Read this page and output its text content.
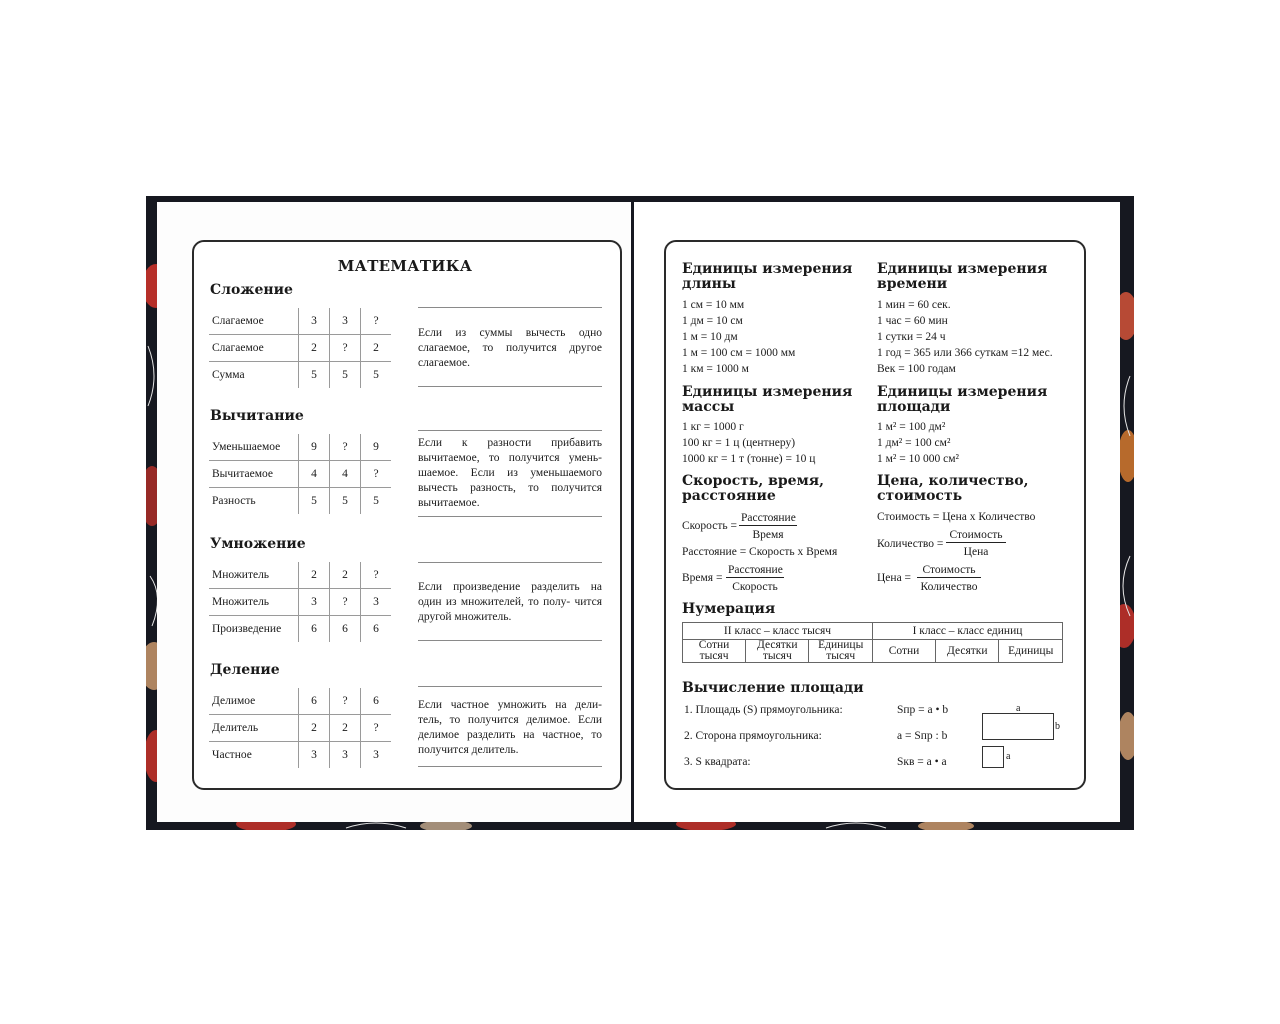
МАТЕМАТИКА
Сложение
Слагаемое	3	3	?
Слагаемое	2	?	2
Сумма	5	5	5
Если из суммы вычесть одно слагаемое, то получится другое слагаемое.
Вычитание
Уменьшаемое	9	?	9
Вычитаемое	4	4	?
Разность	5	5	5
Если к разности прибавить вычитаемое, то получится умень- шаемое. Если из уменьшаемого вычесть разность, то получится вычитаемое.
Умножение
Множитель	2	2	?
Множитель	3	?	3
Произведение	6	6	6
Если произведение разделить на один из множителей, то полу- чится другой множитель.
Деление
Делимое	6	?	6
Делитель	2	2	?
Частное	3	3	3
Если частное умножить на дели- тель, то получится делимое. Если делимое разделить на частное, то получится делитель.
Единицы измерения длины
1 см = 10 мм
1 дм = 10 см
1 м = 10 дм
1 м = 100 см = 1000 мм
1 км = 1000 м
Единицы измерения времени
1 мин = 60 сек.
1 час = 60 мин
1 сутки = 24 ч
1 год = 365 или 366 суткам =12 мес.
Век = 100 годам
Единицы измерения массы
1 кг = 1000 г
100 кг = 1 ц (центнеру)
1000 кг = 1 т (тонне) = 10 ц
Единицы измерения площади
1 м² = 100 дм²
1 дм² = 100 см²
1 м² = 10 000 см²
Скорость, время, расстояние
Скорость =
Расстояние
Время
Расстояние = Скорость х Время
Время =
Расстояние
Скорость
Цена, количество, стоимость
Стоимость = Цена х Количество
Количество =
Стоимость
Цена
Цена =
Стоимость
Количество
Нумерация
II класс – класс тысяч			I класс – класс единиц		
Сотни тысяч	Десятки тысяч	Единицы тысяч	Сотни	Десятки	Единицы
Вычисление площади
1. Площадь (S) прямоугольника:	Sпр = a • b
2. Сторона прямоугольника:	a = Sпр : b
3. S квадрата:	Sкв = a • a
a
b
a
